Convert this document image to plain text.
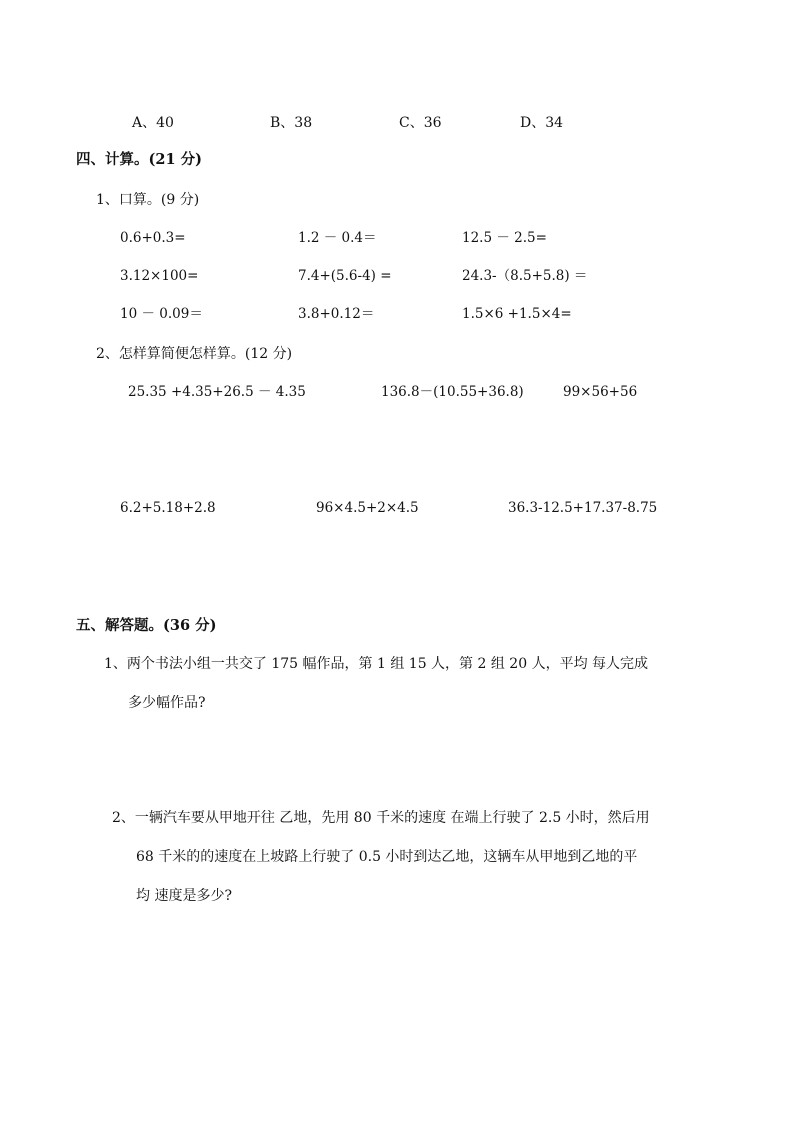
A、40	B、38	C、36	D、34
四、计算。(21 分)
1、口算。(9 分)
0.6+0.3=	1.2 － 0.4＝	12.5 － 2.5=
3.12×100=	7.4+(5.6-4) =	24.3-（8.5+5.8) ＝
10 － 0.09＝	3.8+0.12＝	1.5×6 +1.5×4=
2、怎样算简便怎样算。(12 分)
25.35 +4.35+26.5 － 4.35	136.8－(10.55+36.8)	99×56+56
6.2+5.18+2.8	96×4.5+2×4.5	36.3-12.5+17.37-8.75
五、解答题。(36 分)
1、两个书法小组一共交了 175 幅作品，第 1 组 15 人，第 2 组 20 人，平均 每人完成
多少幅作品?
2、一辆汽车要从甲地开往 乙地，先用 80 千米的速度 在端上行驶了 2.5 小时，然后用
68 千米的的速度在上坡路上行驶了 0.5 小时到达乙地，这辆车从甲地到乙地的平
均 速度是多少?
